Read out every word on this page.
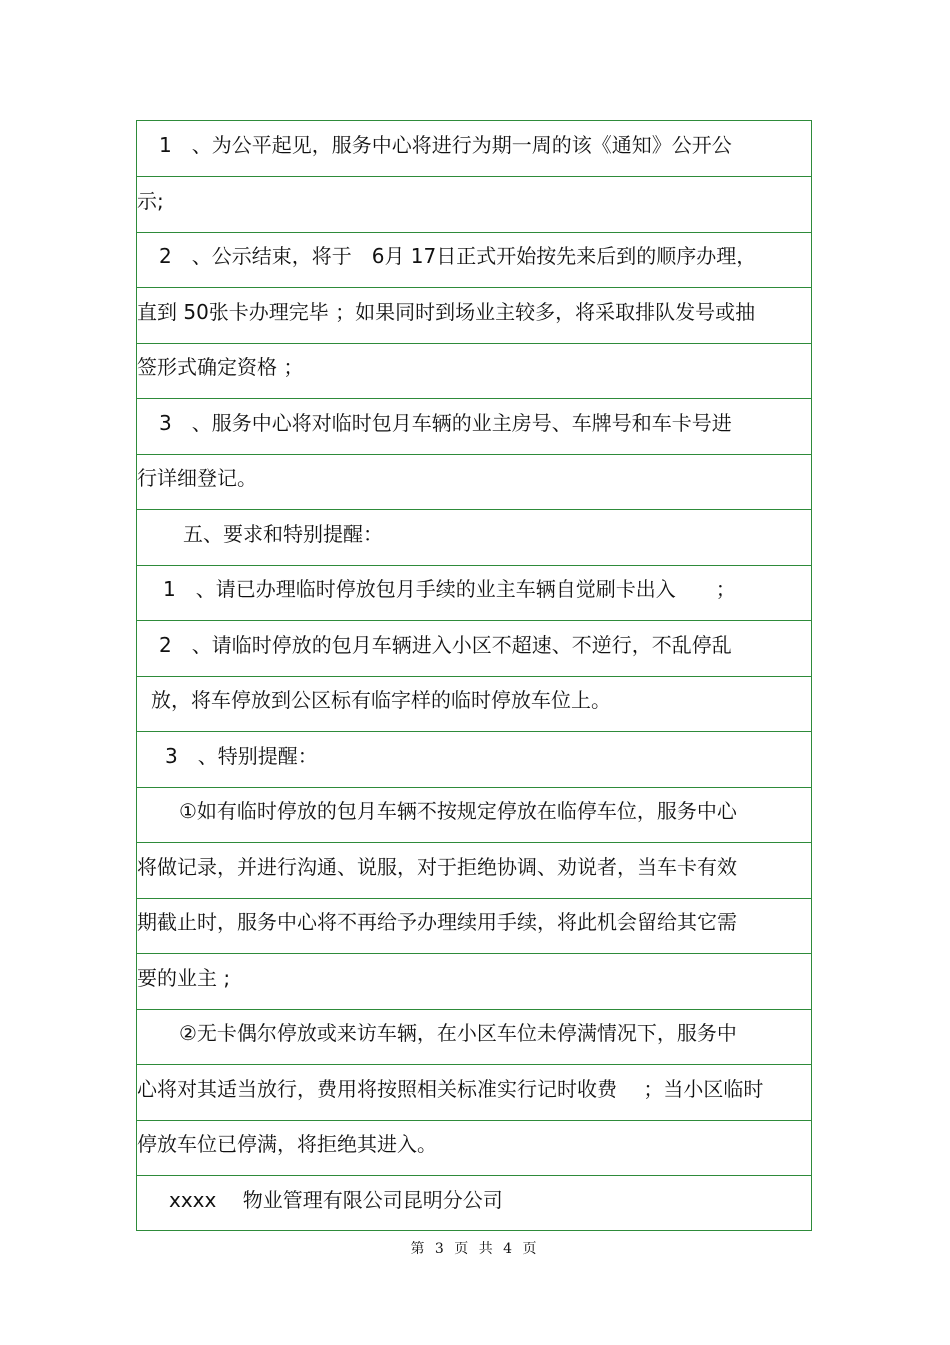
1　、为公平起见，服务中心将进行为期一周的该《通知》公开公
示;
2　、公示结束，将于　6月 17日正式开始按先来后到的顺序办理，
直到 50张卡办理完毕 ；如果同时到场业主较多，将采取排队发号或抽
签形式确定资格 ；
3　、服务中心将对临时包月车辆的业主房号、车牌号和车卡号进
行详细登记。
五、要求和特别提醒：
1　、请已办理临时停放包月手续的业主车辆自觉刷卡出入　　；
2　、请临时停放的包月车辆进入小区不超速、不逆行，不乱停乱
放，将车停放到公区标有临字样的临时停放车位上。
3　、特别提醒：
①如有临时停放的包月车辆不按规定停放在临停车位，服务中心
将做记录，并进行沟通、说服，对于拒绝协调、劝说者，当车卡有效
期截止时，服务中心将不再给予办理续用手续，将此机会留给其它需
要的业主 ;
②无卡偶尔停放或来访车辆，在小区车位未停满情况下，服务中
心将对其适当放行，费用将按照相关标准实行记时收费　 ；当小区临时
停放车位已停满，将拒绝其进入。
xxxx　 物业管理有限公司昆明分公司
第 3 页 共 4 页
